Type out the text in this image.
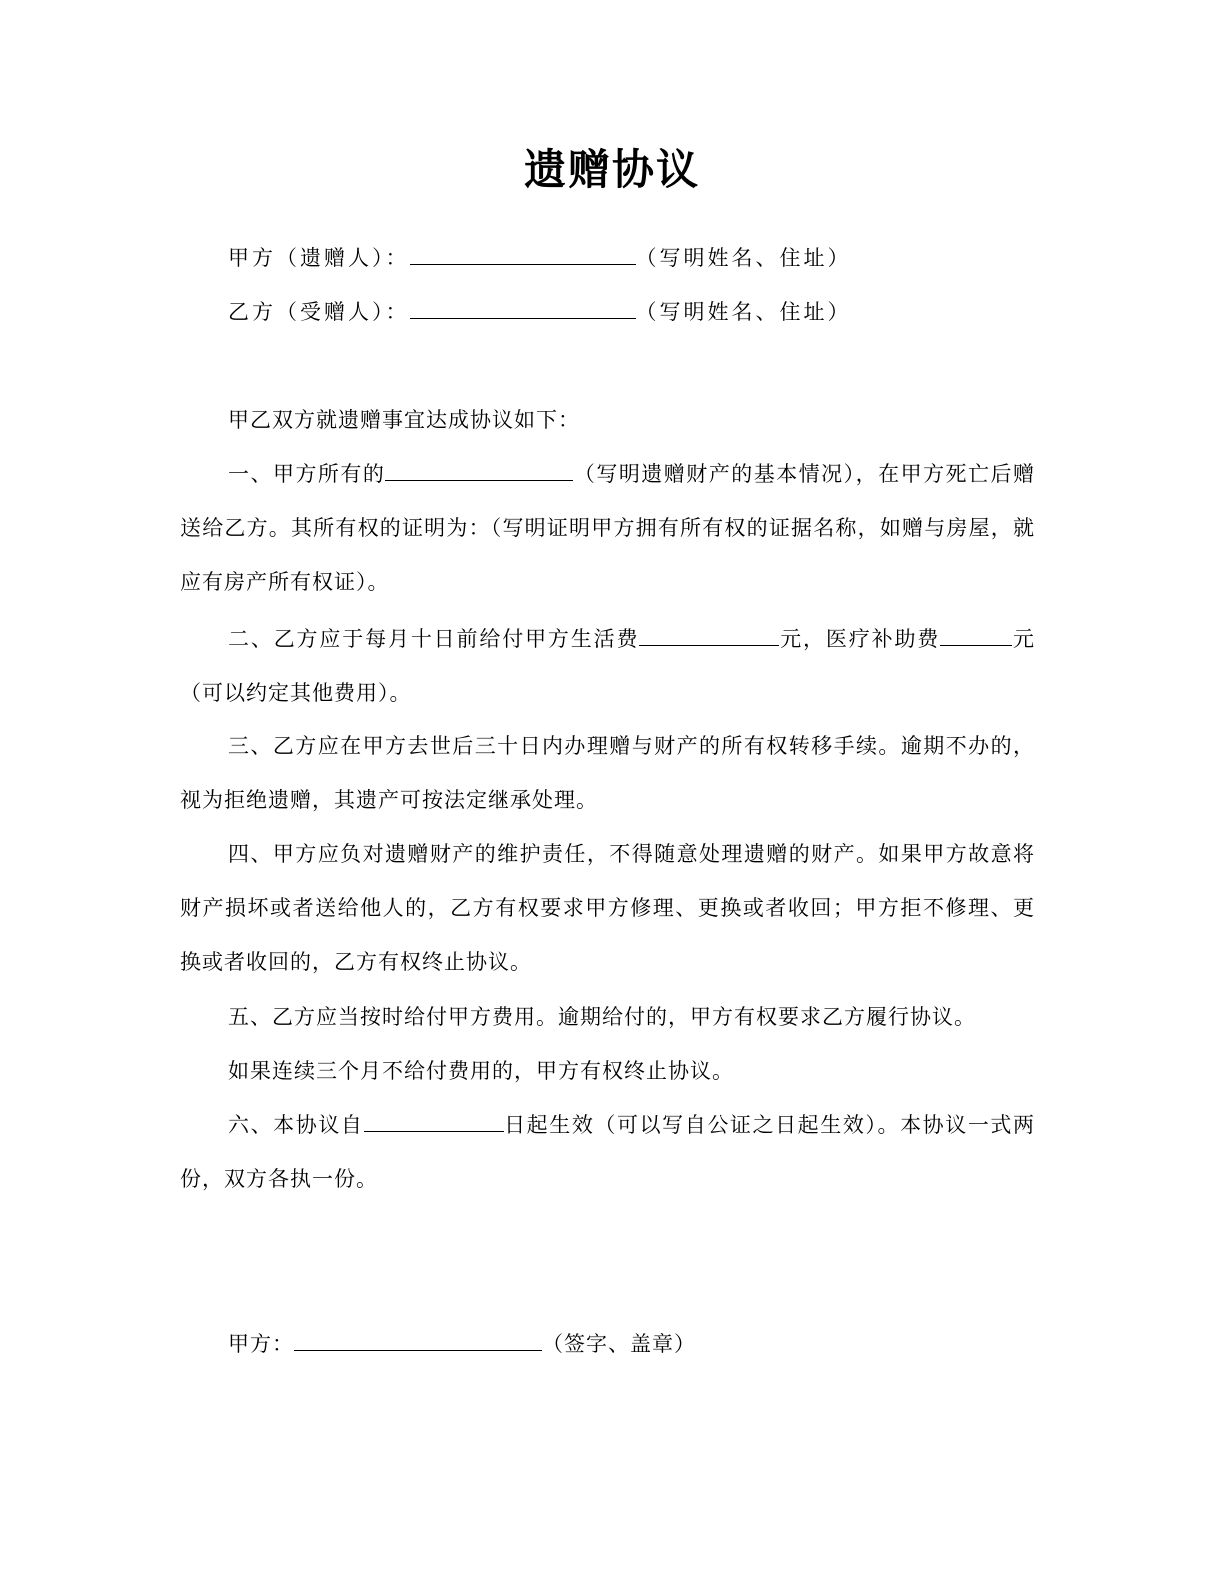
遗赠协议
甲方（遗赠人）：	（写明姓名、住址）
乙方（受赠人）：	（写明姓名、住址）

甲乙双方就遗赠事宜达成协议如下：

一、甲方所有的	（写明遗赠财产的基本情况），在甲方死亡后赠送给乙方。其所有权的证明为：（写明证明甲方拥有所有权的证据名称，如赠与房屋，就应有房产所有权证）。

二、乙方应于每月十日前给付甲方生活费	元，医疗补助费	元（可以约定其他费用）。

三、乙方应在甲方去世后三十日内办理赠与财产的所有权转移手续。逾期不办的，视为拒绝遗赠，其遗产可按法定继承处理。

四、甲方应负对遗赠财产的维护责任，不得随意处理遗赠的财产。如果甲方故意将财产损坏或者送给他人的，乙方有权要求甲方修理、更换或者收回；甲方拒不修理、更换或者收回的，乙方有权终止协议。

五、乙方应当按时给付甲方费用。逾期给付的，甲方有权要求乙方履行协议。

如果连续三个月不给付费用的，甲方有权终止协议。

六、本协议自	日起生效（可以写自公证之日起生效）。本协议一式两份，双方各执一份。

甲方：	（签字、盖章）
